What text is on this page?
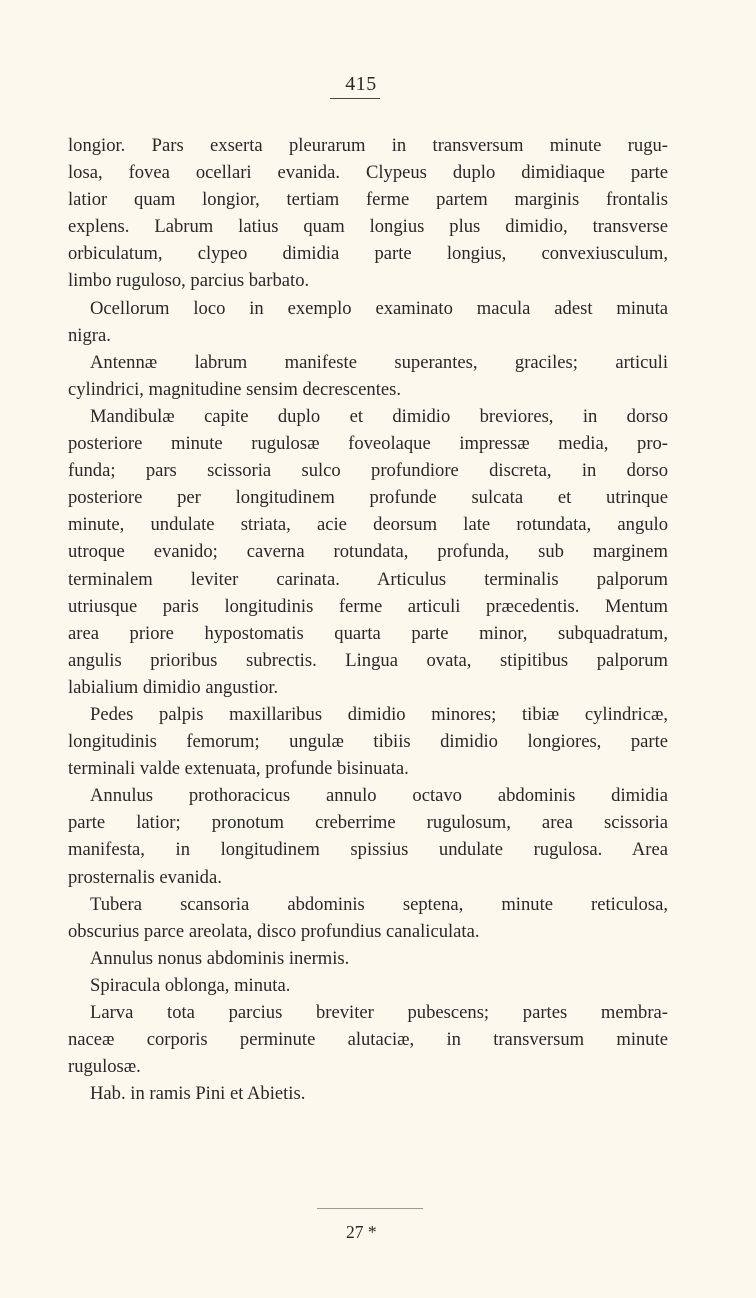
415
longior. Pars exserta pleurarum in transversum minute rugu-
losa, fovea ocellari evanida. Clypeus duplo dimidiaque parte
latior quam longior, tertiam ferme partem marginis frontalis
explens. Labrum latius quam longius plus dimidio, transverse
orbiculatum, clypeo dimidia parte longius, convexiusculum,
limbo ruguloso, parcius barbato.
Ocellorum loco in exemplo examinato macula adest minuta
nigra.
Antennæ labrum manifeste superantes, graciles; articuli
cylindrici, magnitudine sensim decrescentes.
Mandibulæ capite duplo et dimidio breviores, in dorso
posteriore minute rugulosæ foveolaque impressæ media, pro-
funda; pars scissoria sulco profundiore discreta, in dorso
posteriore per longitudinem profunde sulcata et utrinque
minute, undulate striata, acie deorsum late rotundata, angulo
utroque evanido; caverna rotundata, profunda, sub marginem
terminalem leviter carinata. Articulus terminalis palporum
utriusque paris longitudinis ferme articuli præcedentis. Mentum
area priore hypostomatis quarta parte minor, subquadratum,
angulis prioribus subrectis. Lingua ovata, stipitibus palporum
labialium dimidio angustior.
Pedes palpis maxillaribus dimidio minores; tibiæ cylindricæ,
longitudinis femorum; ungulæ tibiis dimidio longiores, parte
terminali valde extenuata, profunde bisinuata.
Annulus prothoracicus annulo octavo abdominis dimidia
parte latior; pronotum creberrime rugulosum, area scissoria
manifesta, in longitudinem spissius undulate rugulosa. Area
prosternalis evanida.
Tubera scansoria abdominis septena, minute reticulosa,
obscurius parce areolata, disco profundius canaliculata.
Annulus nonus abdominis inermis.
Spiracula oblonga, minuta.
Larva tota parcius breviter pubescens; partes membra-
naceæ corporis perminute alutaciæ, in transversum minute
rugulosæ.
Hab. in ramis Pini et Abietis.
27 *
